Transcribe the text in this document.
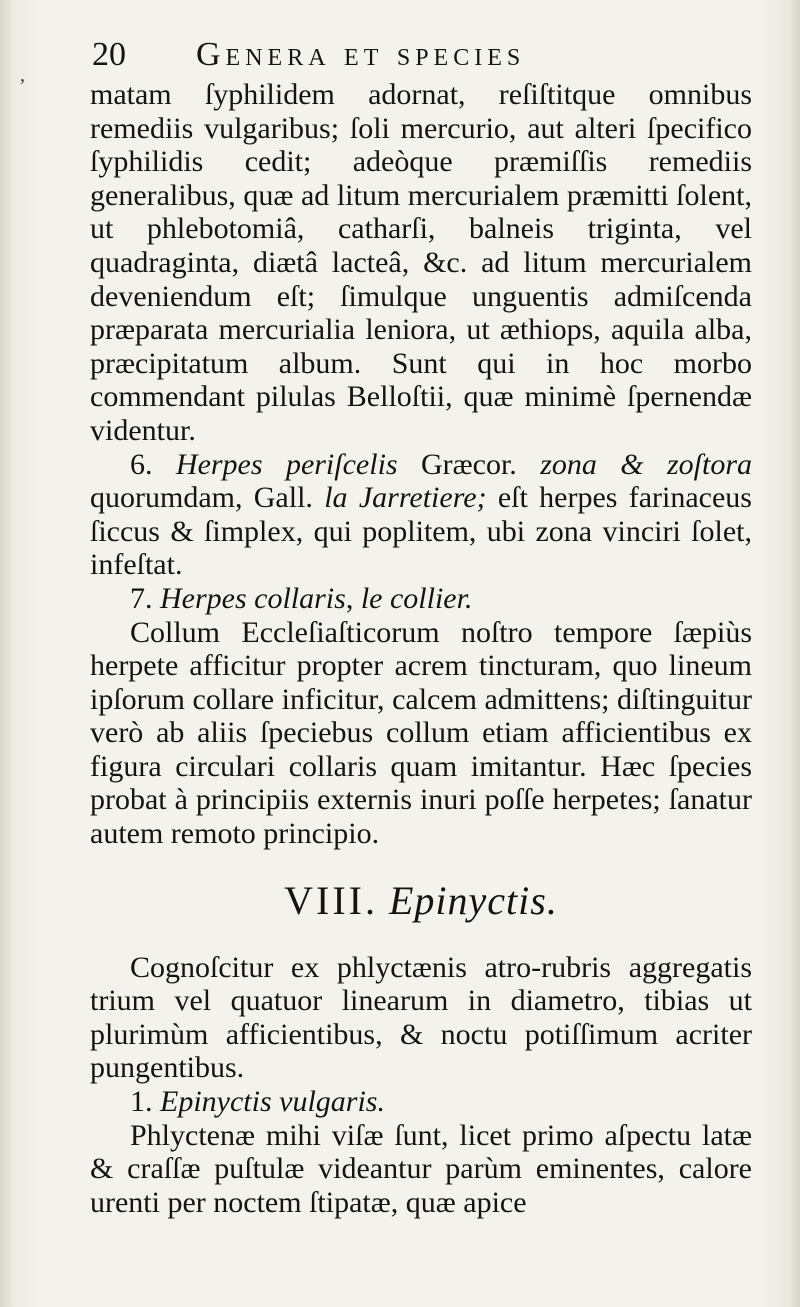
,
20 Genera et species

matam ſyphilidem adornat, reſiſtitque omnibus remediis vulgaribus; ſoli mercurio, aut alteri ſpecifico ſyphilidis cedit; adeòque præmiſſis remediis generalibus, quæ ad litum mercurialem præmitti ſolent, ut phlebotomiâ, catharſi, balneis triginta, vel quadraginta, diætâ lacteâ, &c. ad litum mercurialem deveniendum eſt; ſimulque unguentis admiſcenda præparata mercurialia leniora, ut æthiops, aquila alba, præcipitatum album. Sunt qui in hoc morbo commendant pilulas Belloſtii, quæ minimè ſpernendæ videntur.

6. Herpes periſcelis Græcor. zona & zoſtora quorumdam, Gall. la Jarretiere; eſt herpes farinaceus ſiccus & ſimplex, qui poplitem, ubi zona vinciri ſolet, infeſtat.

7. Herpes collaris, le collier.

Collum Eccleſiaſticorum noſtro tempore ſæpiùs herpete afficitur propter acrem tincturam, quo lineum ipſorum collare inficitur, calcem admittens; diſtinguitur verò ab aliis ſpeciebus collum etiam afficientibus ex figura circulari collaris quam imitantur. Hæc ſpecies probat à principiis externis inuri poſſe herpetes; ſanatur autem remoto principio.

VIII. Epinyctis.

Cognoſcitur ex phlyctænis atro-rubris aggregatis trium vel quatuor linearum in diametro, tibias ut plurimùm afficientibus, & noctu potiſſimum acriter pungentibus.

1. Epinyctis vulgaris.

Phlyctenæ mihi viſæ ſunt, licet primo aſpectu latæ & craſſæ puſtulæ videantur parùm eminentes, calore urenti per noctem ſtipatæ, quæ apice
